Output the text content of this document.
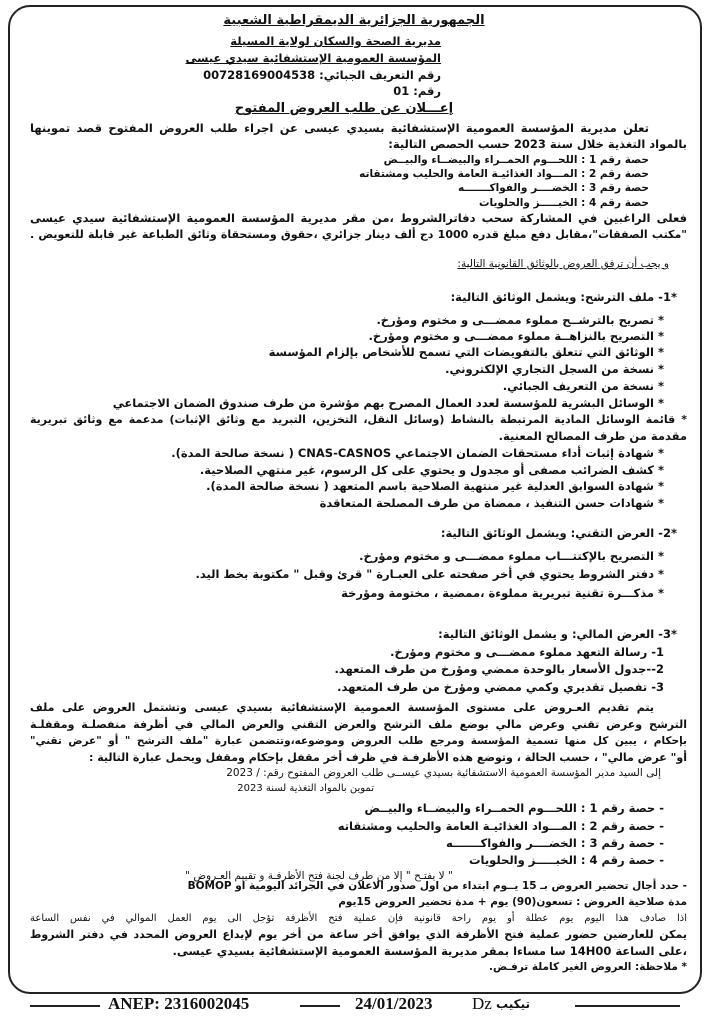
الجمهورية الجزائرية الديمقراطية الشعبية
مديرية الصحة والسكان لولاية المسيلة
المؤسسة العمومية الإستشفائية سيدي عيسى
رقم التعريف الجبائي: 00728169004538
رقم: 01
إعـــلان عن طلب العروض المفتوح
تعلن مديرية المؤسسة العمومية الإستشفائية بسيدي عيسى عن اجراء طلب العروض المفتوح قصد تموينها
بالمواد التغذية خلال سنة 2023 حسب الحصص التالية:
حصة رقم 1 : اللحـــوم الحمــراء والبيضــاء والبيــض
حصة رقم 2 : المـــواد الغذائيـة العامة والحليب ومشتقاته
حصة رقم 3 : الخضــــر والفواكـــــــه
حصة رقم 4 : الخبـــــز والحلويات
فعلى الراغبين في المشاركة سحب دفاترالشروط ،من مقر مديرية المؤسسة العمومية الإستشفائية سيدي عيسى
"مكتب الصفقات"،مقابل دفع مبلغ قدره 1000 دج ألف دينار جزائري ،حقوق ومستحقاة وثائق الطباعة غير قابلة للتعويض .
و يجب أن ترفق العروض بالوثائق القانونية التالية:
*1- ملف الترشح: ويشمل الوثائق التالية:
* تصريح بالترشــح مملوء ممضـــى و مختوم ومؤرخ.
* التصريح بالنزاهــة مملوء ممضـــى و مختوم ومؤرخ.
* الوثائق التي تتعلق بالتفويضات التي تسمح للأشخاص بإلزام المؤسسة
* نسخة من السجل التجاري الإلكتروني.
* نسخة من التعريف الجبائي.
* الوسائل البشرية للمؤسسة لعدد العمال المصرح بهم مؤشرة من طرف صندوق الضمان الاجتماعي
* قائمة الوسائل المادية المرتبطة بالنشاط (وسائل النقل، التخزين، التبريد مع وثائق الإثبات) مدعمة مع وثائق تبريرية
مقدمة من طرف المصالح المعنية.
* شهادة إثبات أداء مستحقات الضمان الاجتماعي CNAS-CASNOS ( نسخة صالحة المدة).
* كشف الضرائب مصفى أو مجدول و يحتوي على كل الرسوم، غير منتهي الصلاحية.
* شهادة السوابق العدلية غير منتهية الصلاحية باسم المتعهد ( نسخة صالحة المدة).
* شهادات حسن التنفيذ ، ممضاة من طرف المصلحة المتعاقدة
*2- العرض التقني: ويشمل الوثائق التالية:
* التصريح بالإكتتـــاب مملوء ممضـــى و مختوم ومؤرخ.
* دفتر الشروط يحتوي في أخر صفحته على العبـارة " قرئ وقبل " مكتوبة بخط اليد.
* مذكـــرة تقنية تبريرية مملوءة ،ممضية ، مختومة ومؤرخة
*3- العرض المالي: و يشمل الوثائق التالية:
1- رسالة التعهد مملوء ممضـــى و مختوم ومؤرخ.
2--جدول الأسعار بالوحدة ممضي ومؤرخ من طرف المتعهد.
3- تفصيل تقديري وكمي ممضي ومؤرخ من طرف المتعهد.
يتم تقديم العـروض على مستوى المؤسسة العمومية الإستشفائية بسيدي عيسى وتشتمل العروض على ملف
الترشح وعرض تقني وعرض مالي بوضع ملف الترشح والعرض التقني والعرض المالي في أظرفة منفصلـة ومقفلـة
بإحكام ، يبين كل منها تسمية المؤسسة ومرجع طلب العروض وموضوعه،وتتضمن عبارة "ملف الترشح " أو "عرض تقني"
أو" عرض مالي" ، حسب الحالة ، وتوضع هذه الأظرفـة في ظرف أخر مقفل بإحكام ومقفل ويحمل عبارة التالية :
إلى السيد مدير المؤسسة العمومية الاستشفائية بسيدي عيســى طلب العروض المفتوح رقم: / 2023
تموين بالمواد التغذية لسنة 2023
- حصة رقم 1 : اللحـــوم الحمــراء والبيضــاء والبيــض
- حصة رقم 2 : المـــواد الغذائيـة العامة والحليب ومشتقاته
- حصة رقم 3 : الخضــــر والفواكـــــــه
- حصة رقم 4 : الخبـــــز والحلويات
" لا يفتـح " إلا من طرف لجنة فتح الأظرفـة و تقييم العـروض "
- حدد أجال تحضير العروض بـ 15 يــوم ابتداء من اول صدور الاعلان في الجرائد اليومية او BOMOP
مدة صلاحية العروض : تسعون(90) يوم + مدة تحضير العروض 15يوم
اذا صادف هذا اليوم يوم عطلة أو يوم راحة قانونية فإن عملية فتح الأظرفة تؤجل الى يوم العمل الموالي في نفس الساعة
يمكن للعارضين حضور عملية فتح الأظرفة الذي يوافق أخر ساعة من أخر يوم لإيداع العروض المحدد في دفتر الشروط
،على الساعة 14H00 سا مساءا بمقر مديرية المؤسسة العمومية الإستشفائية بسيدي عيسى.
* ملاحظة: العروض الغير كاملة ترفـض.
ANEP: 2316002045	24/01/2023 Dz تيكيب
